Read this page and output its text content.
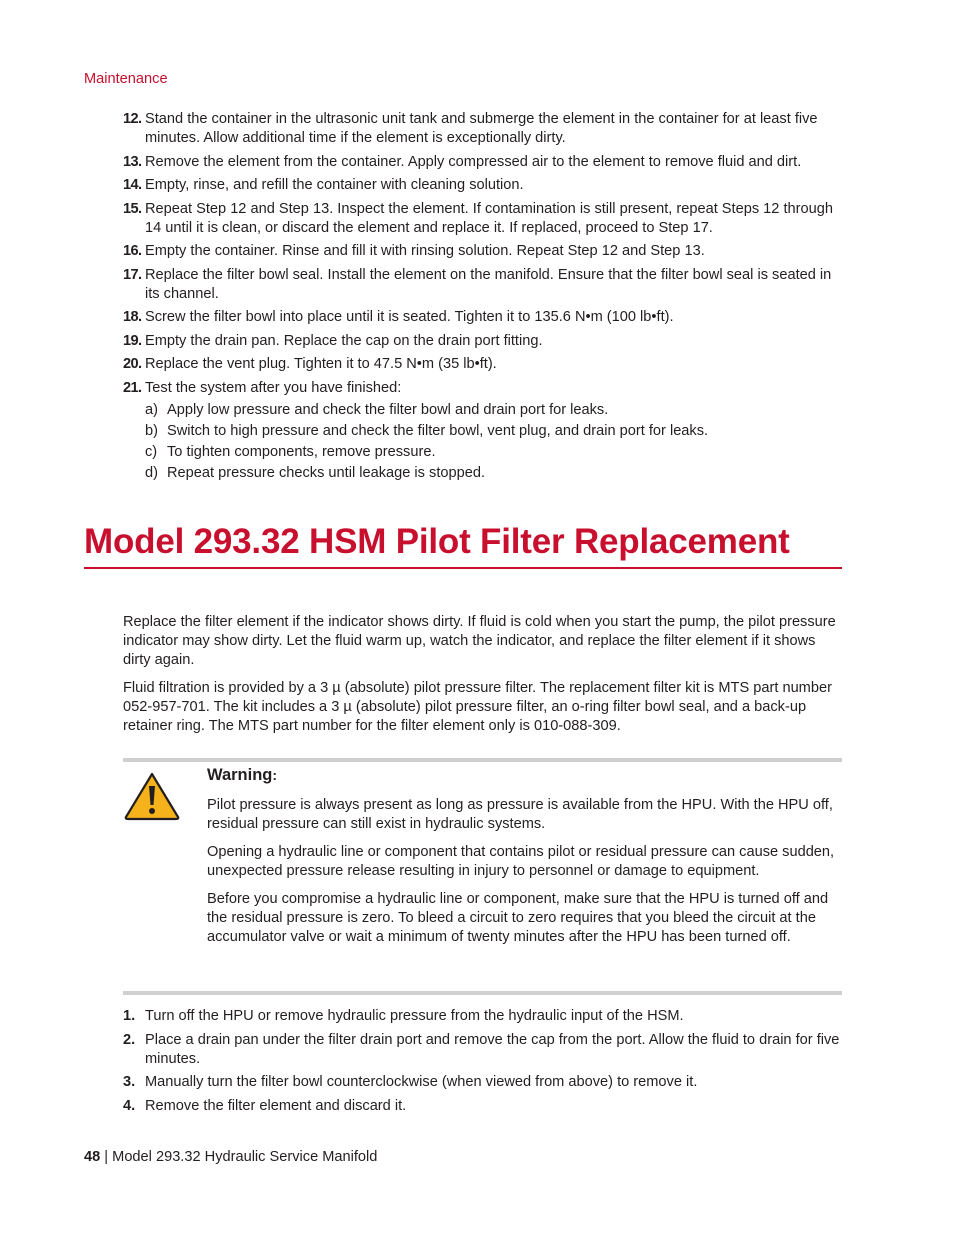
Maintenance
12. Stand the container in the ultrasonic unit tank and submerge the element in the container for at least five minutes. Allow additional time if the element is exceptionally dirty.
13. Remove the element from the container. Apply compressed air to the element to remove fluid and dirt.
14. Empty, rinse, and refill the container with cleaning solution.
15. Repeat Step 12 and Step 13. Inspect the element. If contamination is still present, repeat Steps 12 through 14 until it is clean, or discard the element and replace it. If replaced, proceed to Step 17.
16. Empty the container. Rinse and fill it with rinsing solution. Repeat Step 12 and Step 13.
17. Replace the filter bowl seal. Install the element on the manifold. Ensure that the filter bowl seal is seated in its channel.
18. Screw the filter bowl into place until it is seated. Tighten it to 135.6 N•m (100 lb•ft).
19. Empty the drain pan. Replace the cap on the drain port fitting.
20. Replace the vent plug. Tighten it to 47.5 N•m (35 lb•ft).
21. Test the system after you have finished:
a) Apply low pressure and check the filter bowl and drain port for leaks.
b) Switch to high pressure and check the filter bowl, vent plug, and drain port for leaks.
c) To tighten components, remove pressure.
d) Repeat pressure checks until leakage is stopped.
Model 293.32 HSM Pilot Filter Replacement

Replace the filter element if the indicator shows dirty. If fluid is cold when you start the pump, the pilot pressure indicator may show dirty. Let the fluid warm up, watch the indicator, and replace the filter element if it shows dirty again.

Fluid filtration is provided by a 3 µ (absolute) pilot pressure filter. The replacement filter kit is MTS part number 052-957-701. The kit includes a 3 µ (absolute) pilot pressure filter, an o-ring filter bowl seal, and a back-up retainer ring. The MTS part number for the filter element only is 010-088-309.

Warning:

Pilot pressure is always present as long as pressure is available from the HPU. With the HPU off, residual pressure can still exist in hydraulic systems.

Opening a hydraulic line or component that contains pilot or residual pressure can cause sudden, unexpected pressure release resulting in injury to personnel or damage to equipment.

Before you compromise a hydraulic line or component, make sure that the HPU is turned off and the residual pressure is zero. To bleed a circuit to zero requires that you bleed the circuit at the accumulator valve or wait a minimum of twenty minutes after the HPU has been turned off.

1. Turn off the HPU or remove hydraulic pressure from the hydraulic input of the HSM.
2. Place a drain pan under the filter drain port and remove the cap from the port. Allow the fluid to drain for five minutes.
3. Manually turn the filter bowl counterclockwise (when viewed from above) to remove it.
4. Remove the filter element and discard it.
48 | Model 293.32 Hydraulic Service Manifold
